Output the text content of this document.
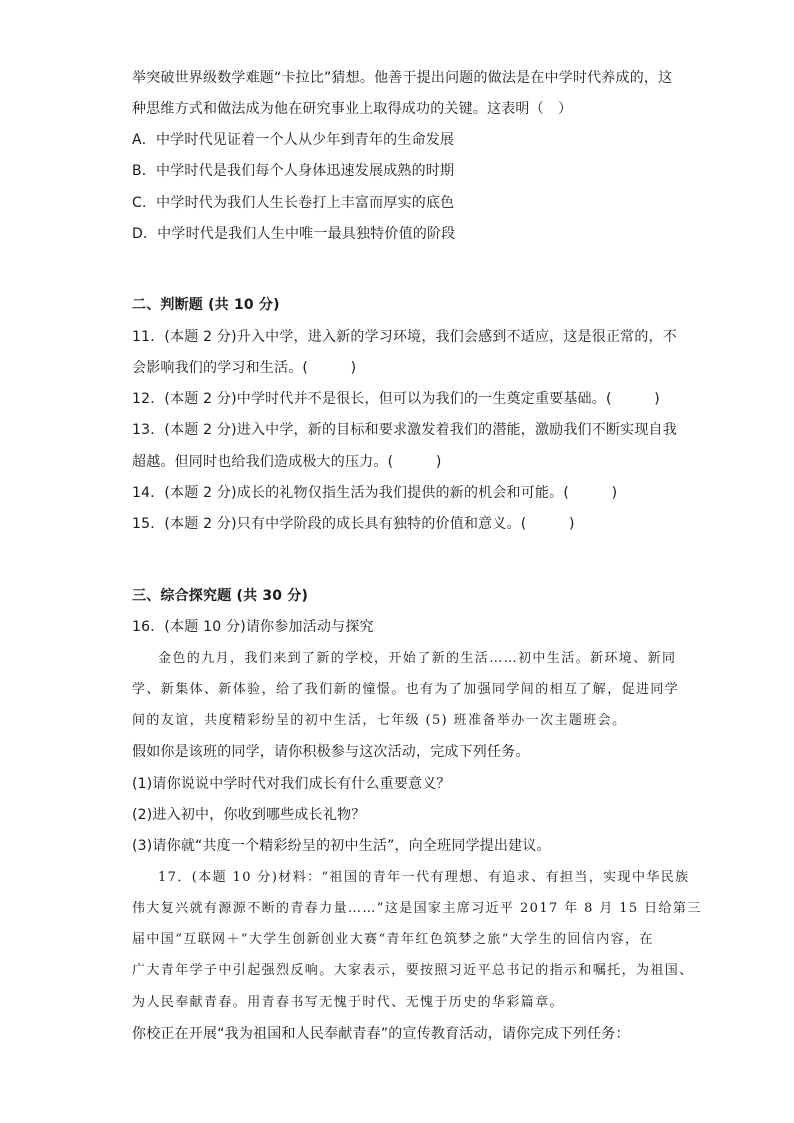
举突破世界级数学难题“卡拉比”猜想。他善于提出问题的做法是在中学时代养成的，这
种思维方式和做法成为他在研究事业上取得成功的关键。这表明（　）
A．中学时代见证着一个人从少年到青年的生命发展
B．中学时代是我们每个人身体迅速发展成熟的时期
C．中学时代为我们人生长卷打上丰富而厚实的底色
D．中学时代是我们人生中唯一最具独特价值的阶段
二、判断题 (共 10 分)
11．(本题 2 分)升入中学，进入新的学习环境，我们会感到不适应，这是很正常的，不
会影响我们的学习和生活。(　　　)
12．(本题 2 分)中学时代并不是很长，但可以为我们的一生奠定重要基础。(　　　)
13．(本题 2 分)进入中学，新的目标和要求激发着我们的潜能，激励我们不断实现自我
超越。但同时也给我们造成极大的压力。(　　　)
14．(本题 2 分)成长的礼物仅指生活为我们提供的新的机会和可能。(　　　)
15．(本题 2 分)只有中学阶段的成长具有独特的价值和意义。(　　　)
三、综合探究题 (共 30 分)
16．(本题 10 分)请你参加活动与探究
金色的九月，我们来到了新的学校，开始了新的生活……初中生活。新环境、新同
学、新集体、新体验，给了我们新的憧憬。也有为了加强同学间的相互了解，促进同学
间的友谊，共度精彩纷呈的初中生活，七年级 (5) 班准备举办一次主题班会。
假如你是该班的同学，请你积极参与这次活动，完成下列任务。
(1)请你说说中学时代对我们成长有什么重要意义？
(2)进入初中，你收到哪些成长礼物？
(3)请你就“共度一个精彩纷呈的初中生活”，向全班同学提出建议。
17．(本题 10 分)材料：“祖国的青年一代有理想、有追求、有担当，实现中华民族
伟大复兴就有源源不断的青春力量……”这是国家主席习近平 2017 年 8 月 15 日给第三
届中国“互联网＋”大学生创新创业大赛“青年红色筑梦之旅”大学生的回信内容，在
广大青年学子中引起强烈反响。大家表示，要按照习近平总书记的指示和嘱托，为祖国、
为人民奉献青春。用青春书写无愧于时代、无愧于历史的华彩篇章。
你校正在开展“我为祖国和人民奉献青春”的宣传教育活动，请你完成下列任务：
